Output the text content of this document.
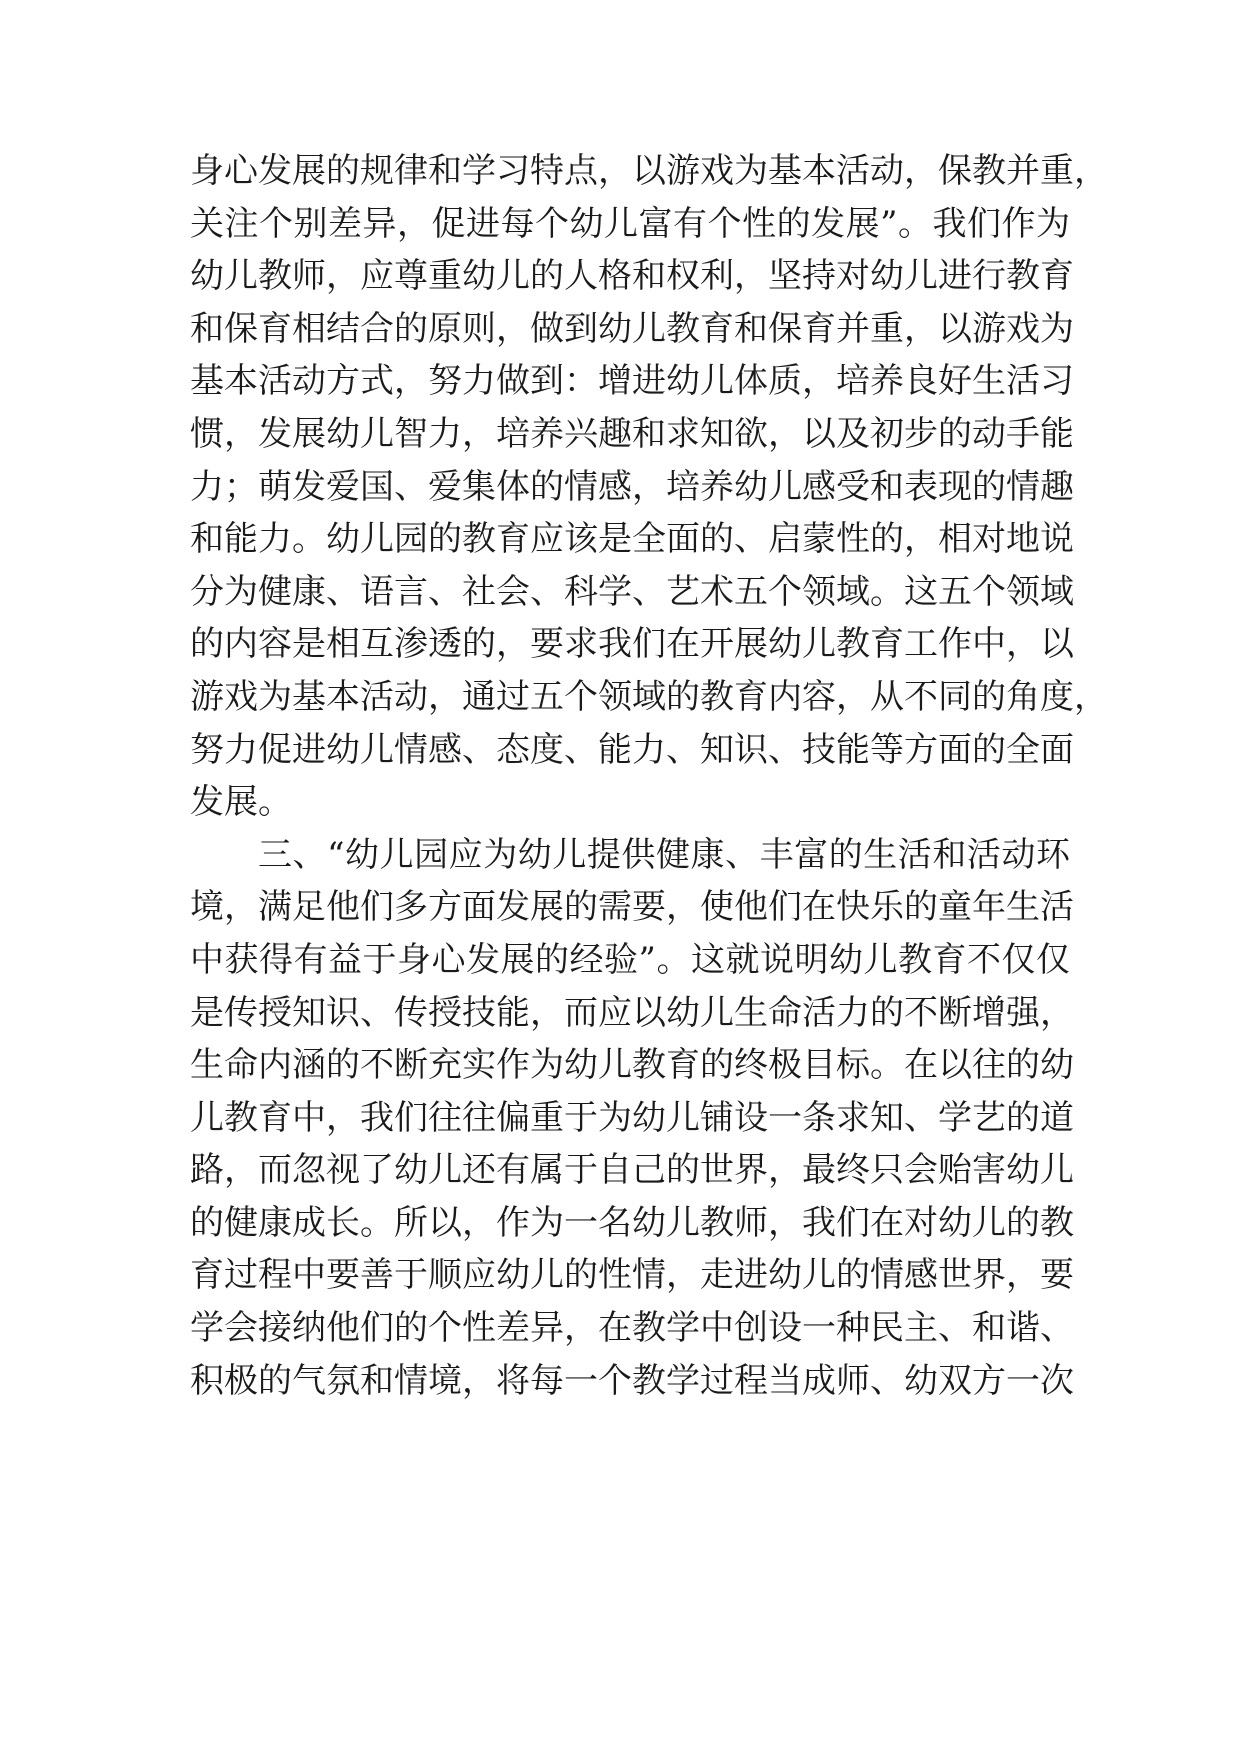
身心发展的规律和学习特点，以游戏为基本活动，保教并重，
关注个别差异，促进每个幼儿富有个性的发展”。我们作为
幼儿教师，应尊重幼儿的人格和权利，坚持对幼儿进行教育
和保育相结合的原则，做到幼儿教育和保育并重，以游戏为
基本活动方式，努力做到：增进幼儿体质，培养良好生活习
惯，发展幼儿智力，培养兴趣和求知欲，以及初步的动手能
力；萌发爱国、爱集体的情感，培养幼儿感受和表现的情趣
和能力。幼儿园的教育应该是全面的、启蒙性的，相对地说
分为健康、语言、社会、科学、艺术五个领域。这五个领域
的内容是相互渗透的，要求我们在开展幼儿教育工作中，以
游戏为基本活动，通过五个领域的教育内容，从不同的角度，
努力促进幼儿情感、态度、能力、知识、技能等方面的全面
发展。
三、“幼儿园应为幼儿提供健康、丰富的生活和活动环
境，满足他们多方面发展的需要，使他们在快乐的童年生活
中获得有益于身心发展的经验”。这就说明幼儿教育不仅仅
是传授知识、传授技能，而应以幼儿生命活力的不断增强，
生命内涵的不断充实作为幼儿教育的终极目标。在以往的幼
儿教育中，我们往往偏重于为幼儿铺设一条求知、学艺的道
路，而忽视了幼儿还有属于自己的世界，最终只会贻害幼儿
的健康成长。所以，作为一名幼儿教师，我们在对幼儿的教
育过程中要善于顺应幼儿的性情，走进幼儿的情感世界，要
学会接纳他们的个性差异，在教学中创设一种民主、和谐、
积极的气氛和情境，将每一个教学过程当成师、幼双方一次
